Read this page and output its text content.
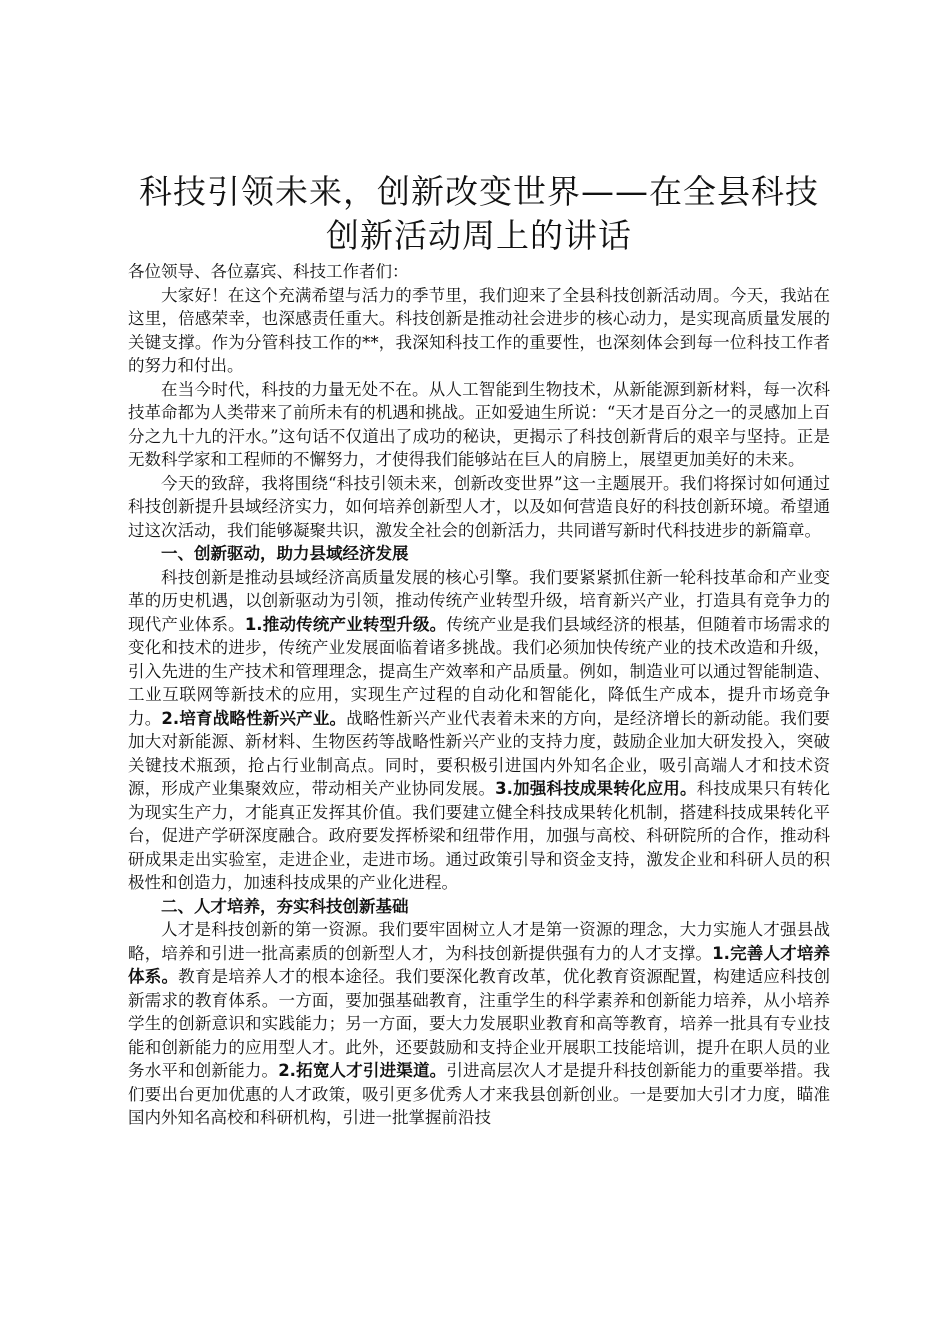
科技引领未来，创新改变世界——在全县科技创新活动周上的讲话

各位领导、各位嘉宾、科技工作者们：

大家好！在这个充满希望与活力的季节里，我们迎来了全县科技创新活动周。今天，我站在这里，倍感荣幸，也深感责任重大。科技创新是推动社会进步的核心动力，是实现高质量发展的关键支撑。作为分管科技工作的**，我深知科技工作的重要性，也深刻体会到每一位科技工作者的努力和付出。

在当今时代，科技的力量无处不在。从人工智能到生物技术，从新能源到新材料，每一次科技革命都为人类带来了前所未有的机遇和挑战。正如爱迪生所说：“天才是百分之一的灵感加上百分之九十九的汗水。”这句话不仅道出了成功的秘诀，更揭示了科技创新背后的艰辛与坚持。正是无数科学家和工程师的不懈努力，才使得我们能够站在巨人的肩膀上，展望更加美好的未来。

今天的致辞，我将围绕“科技引领未来，创新改变世界”这一主题展开。我们将探讨如何通过科技创新提升县域经济实力，如何培养创新型人才，以及如何营造良好的科技创新环境。希望通过这次活动，我们能够凝聚共识，激发全社会的创新活力，共同谱写新时代科技进步的新篇章。

一、创新驱动，助力县域经济发展

科技创新是推动县域经济高质量发展的核心引擎。我们要紧紧抓住新一轮科技革命和产业变革的历史机遇，以创新驱动为引领，推动传统产业转型升级，培育新兴产业，打造具有竞争力的现代产业体系。1.推动传统产业转型升级。传统产业是我们县域经济的根基，但随着市场需求的变化和技术的进步，传统产业发展面临着诸多挑战。我们必须加快传统产业的技术改造和升级，引入先进的生产技术和管理理念，提高生产效率和产品质量。例如，制造业可以通过智能制造、工业互联网等新技术的应用，实现生产过程的自动化和智能化，降低生产成本，提升市场竞争力。2.培育战略性新兴产业。战略性新兴产业代表着未来的方向，是经济增长的新动能。我们要加大对新能源、新材料、生物医药等战略性新兴产业的支持力度，鼓励企业加大研发投入，突破关键技术瓶颈，抢占行业制高点。同时，要积极引进国内外知名企业，吸引高端人才和技术资源，形成产业集聚效应，带动相关产业协同发展。3.加强科技成果转化应用。科技成果只有转化为现实生产力，才能真正发挥其价值。我们要建立健全科技成果转化机制，搭建科技成果转化平台，促进产学研深度融合。政府要发挥桥梁和纽带作用，加强与高校、科研院所的合作，推动科研成果走出实验室，走进企业，走进市场。通过政策引导和资金支持，激发企业和科研人员的积极性和创造力，加速科技成果的产业化进程。

二、人才培养，夯实科技创新基础

人才是科技创新的第一资源。我们要牢固树立人才是第一资源的理念，大力实施人才强县战略，培养和引进一批高素质的创新型人才，为科技创新提供强有力的人才支撑。1.完善人才培养体系。教育是培养人才的根本途径。我们要深化教育改革，优化教育资源配置，构建适应科技创新需求的教育体系。一方面，要加强基础教育，注重学生的科学素养和创新能力培养，从小培养学生的创新意识和实践能力；另一方面，要大力发展职业教育和高等教育，培养一批具有专业技能和创新能力的应用型人才。此外，还要鼓励和支持企业开展职工技能培训，提升在职人员的业务水平和创新能力。2.拓宽人才引进渠道。引进高层次人才是提升科技创新能力的重要举措。我们要出台更加优惠的人才政策，吸引更多优秀人才来我县创新创业。一是要加大引才力度，瞄准国内外知名高校和科研机构，引进一批掌握前沿技
